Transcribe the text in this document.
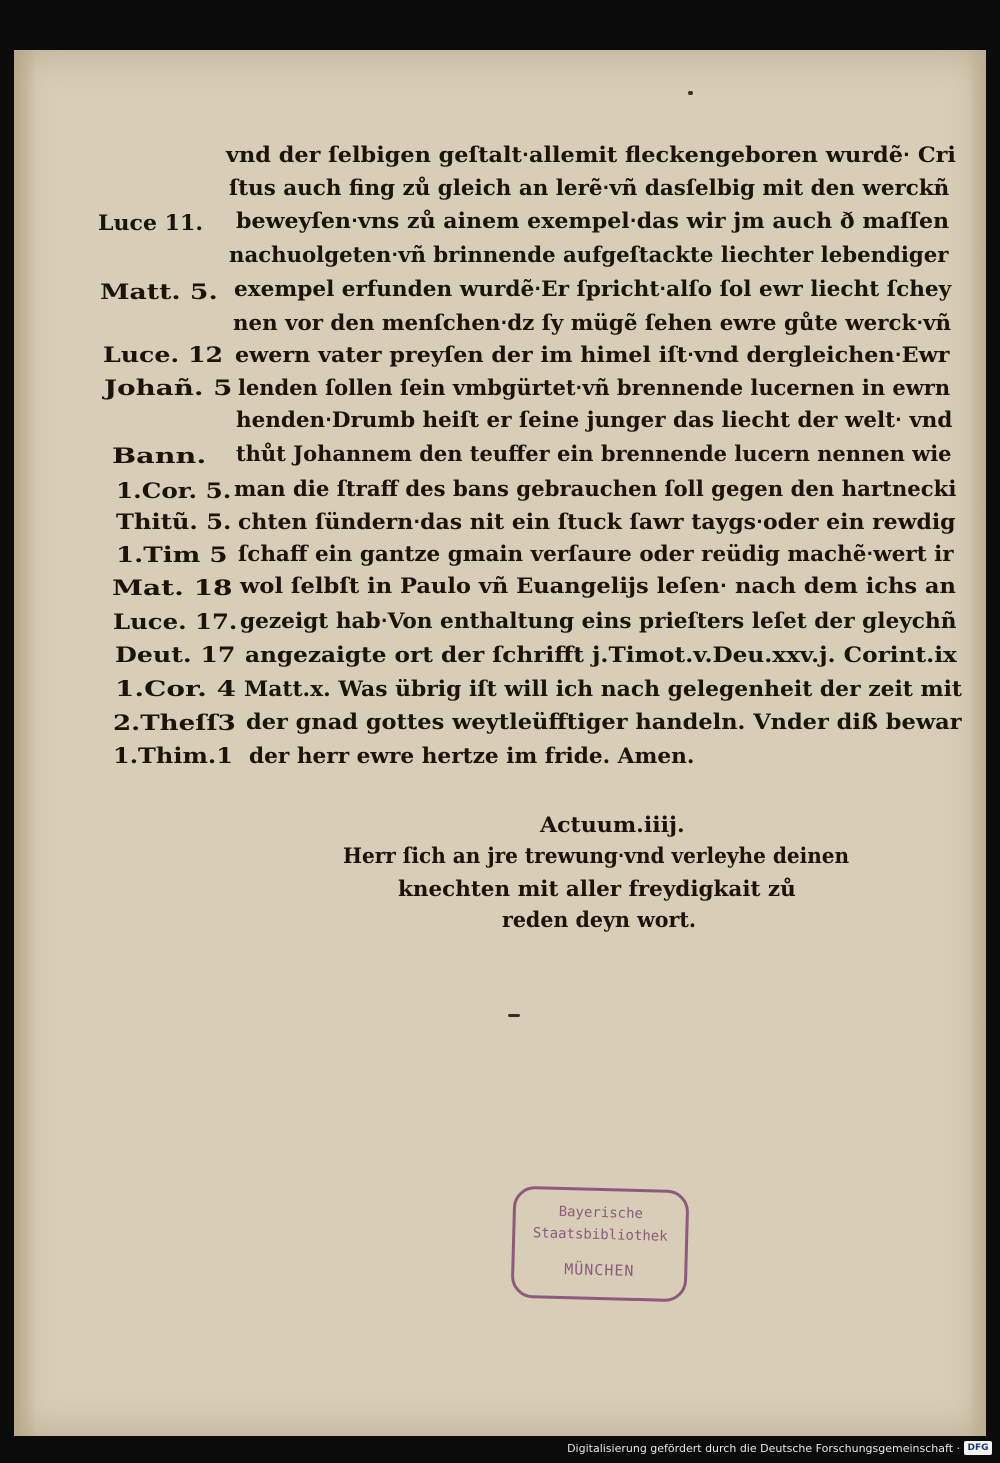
vnd der ſelbigen geſtalt‧allemit fleckengeboren wurdẽ‧ Cri
ſtus auch fing zů gleich an lerẽ‧vñ dasſelbig mit den werckñ
beweyſen‧vns zů ainem exempel‧das wir jm auch ð maſſen
nachuolgeten‧vñ brinnende aufgeſtackte liechter lebendiger
exempel erfunden wurdẽ‧Er ſpricht‧alſo ſol ewr liecht ſchey
nen vor den menſchen‧dz ſy mügẽ ſehen ewre gůte werck‧vñ
ewern vater preyſen der im himel iſt‧vnd dergleichen‧Ewr
lenden ſollen ſein vmbgürtet‧vñ brennende lucernen in ewrn
henden‧Drumb heiſt er ſeine junger das liecht der welt‧ vnd
thůt Johannem den teuffer ein brennende lucern nennen wie
man die ſtraff des bans gebrauchen ſoll gegen den hartnecki
chten ſündern‧das nit ein ſtuck ſawr taygs‧oder ein rewdig
ſchaff ein gantze gmain verſaure oder reüdig machẽ‧wert ir
wol ſelbſt in Paulo vñ Euangelijs leſen‧ nach dem ichs an
gezeigt hab‧Von enthaltung eins prieſters leſet der gleychñ
angezaigte ort der ſchrifft j.Timot.v.Deu.xxv.j. Corint.ix
Matt.x. Was übrig iſt will ich nach gelegenheit der zeit mit
der gnad gottes weytleüfftiger handeln. Vnder diß bewar
der herr ewre hertze im fride. Amen.
Luce 11.
Matt. 5.
Luce. 12
Johañ. 5
Bann.
1.Cor. 5.
Thitũ. 5.
1.Tim 5
Mat. 18
Luce. 17.
Deut. 17
1.Cor. 4
2.Theſſ3
1.Thim.1
Actuum.iiij.
Herr ſich an jre trewung‧vnd verleyhe deinen
knechten mit aller freydigkait zů
reden deyn wort.
Bayerische
Staatsbibliothek
MÜNCHEN
Digitalisierung gefördert durch die Deutsche Forschungsgemeinschaft · DFG
